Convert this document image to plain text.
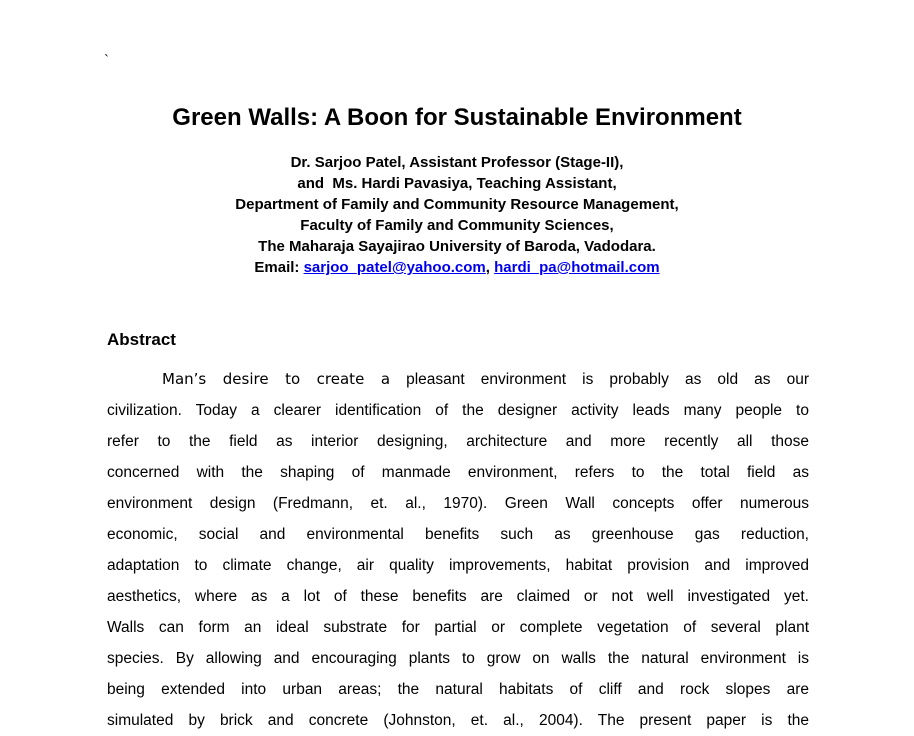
`
Green Walls: A Boon for Sustainable Environment
Dr. Sarjoo Patel, Assistant Professor (Stage-II),
and  Ms. Hardi Pavasiya, Teaching Assistant,
Department of Family and Community Resource Management,
Faculty of Family and Community Sciences,
The Maharaja Sayajirao University of Baroda, Vadodara.
Email: sarjoo_patel@yahoo.com, hardi_pa@hotmail.com
Abstract
Man’s desire to create a pleasant environment is probably as old as our
civilization. Today a clearer identification of the designer activity leads many people to
refer to the field as interior designing, architecture and more recently all those
concerned with the shaping of manmade environment, refers to the total field as
environment design (Fredmann, et. al., 1970). Green Wall concepts offer numerous
economic, social and environmental benefits such as greenhouse gas reduction,
adaptation to climate change, air quality improvements, habitat provision and improved
aesthetics, where as a lot of these benefits are claimed or not well investigated yet.
Walls can form an ideal substrate for partial or complete vegetation of several plant
species. By allowing and encouraging plants to grow on walls the natural environment is
being extended into urban areas; the natural habitats of cliff and rock slopes are
simulated by brick and concrete (Johnston, et. al., 2004). The present paper is the
